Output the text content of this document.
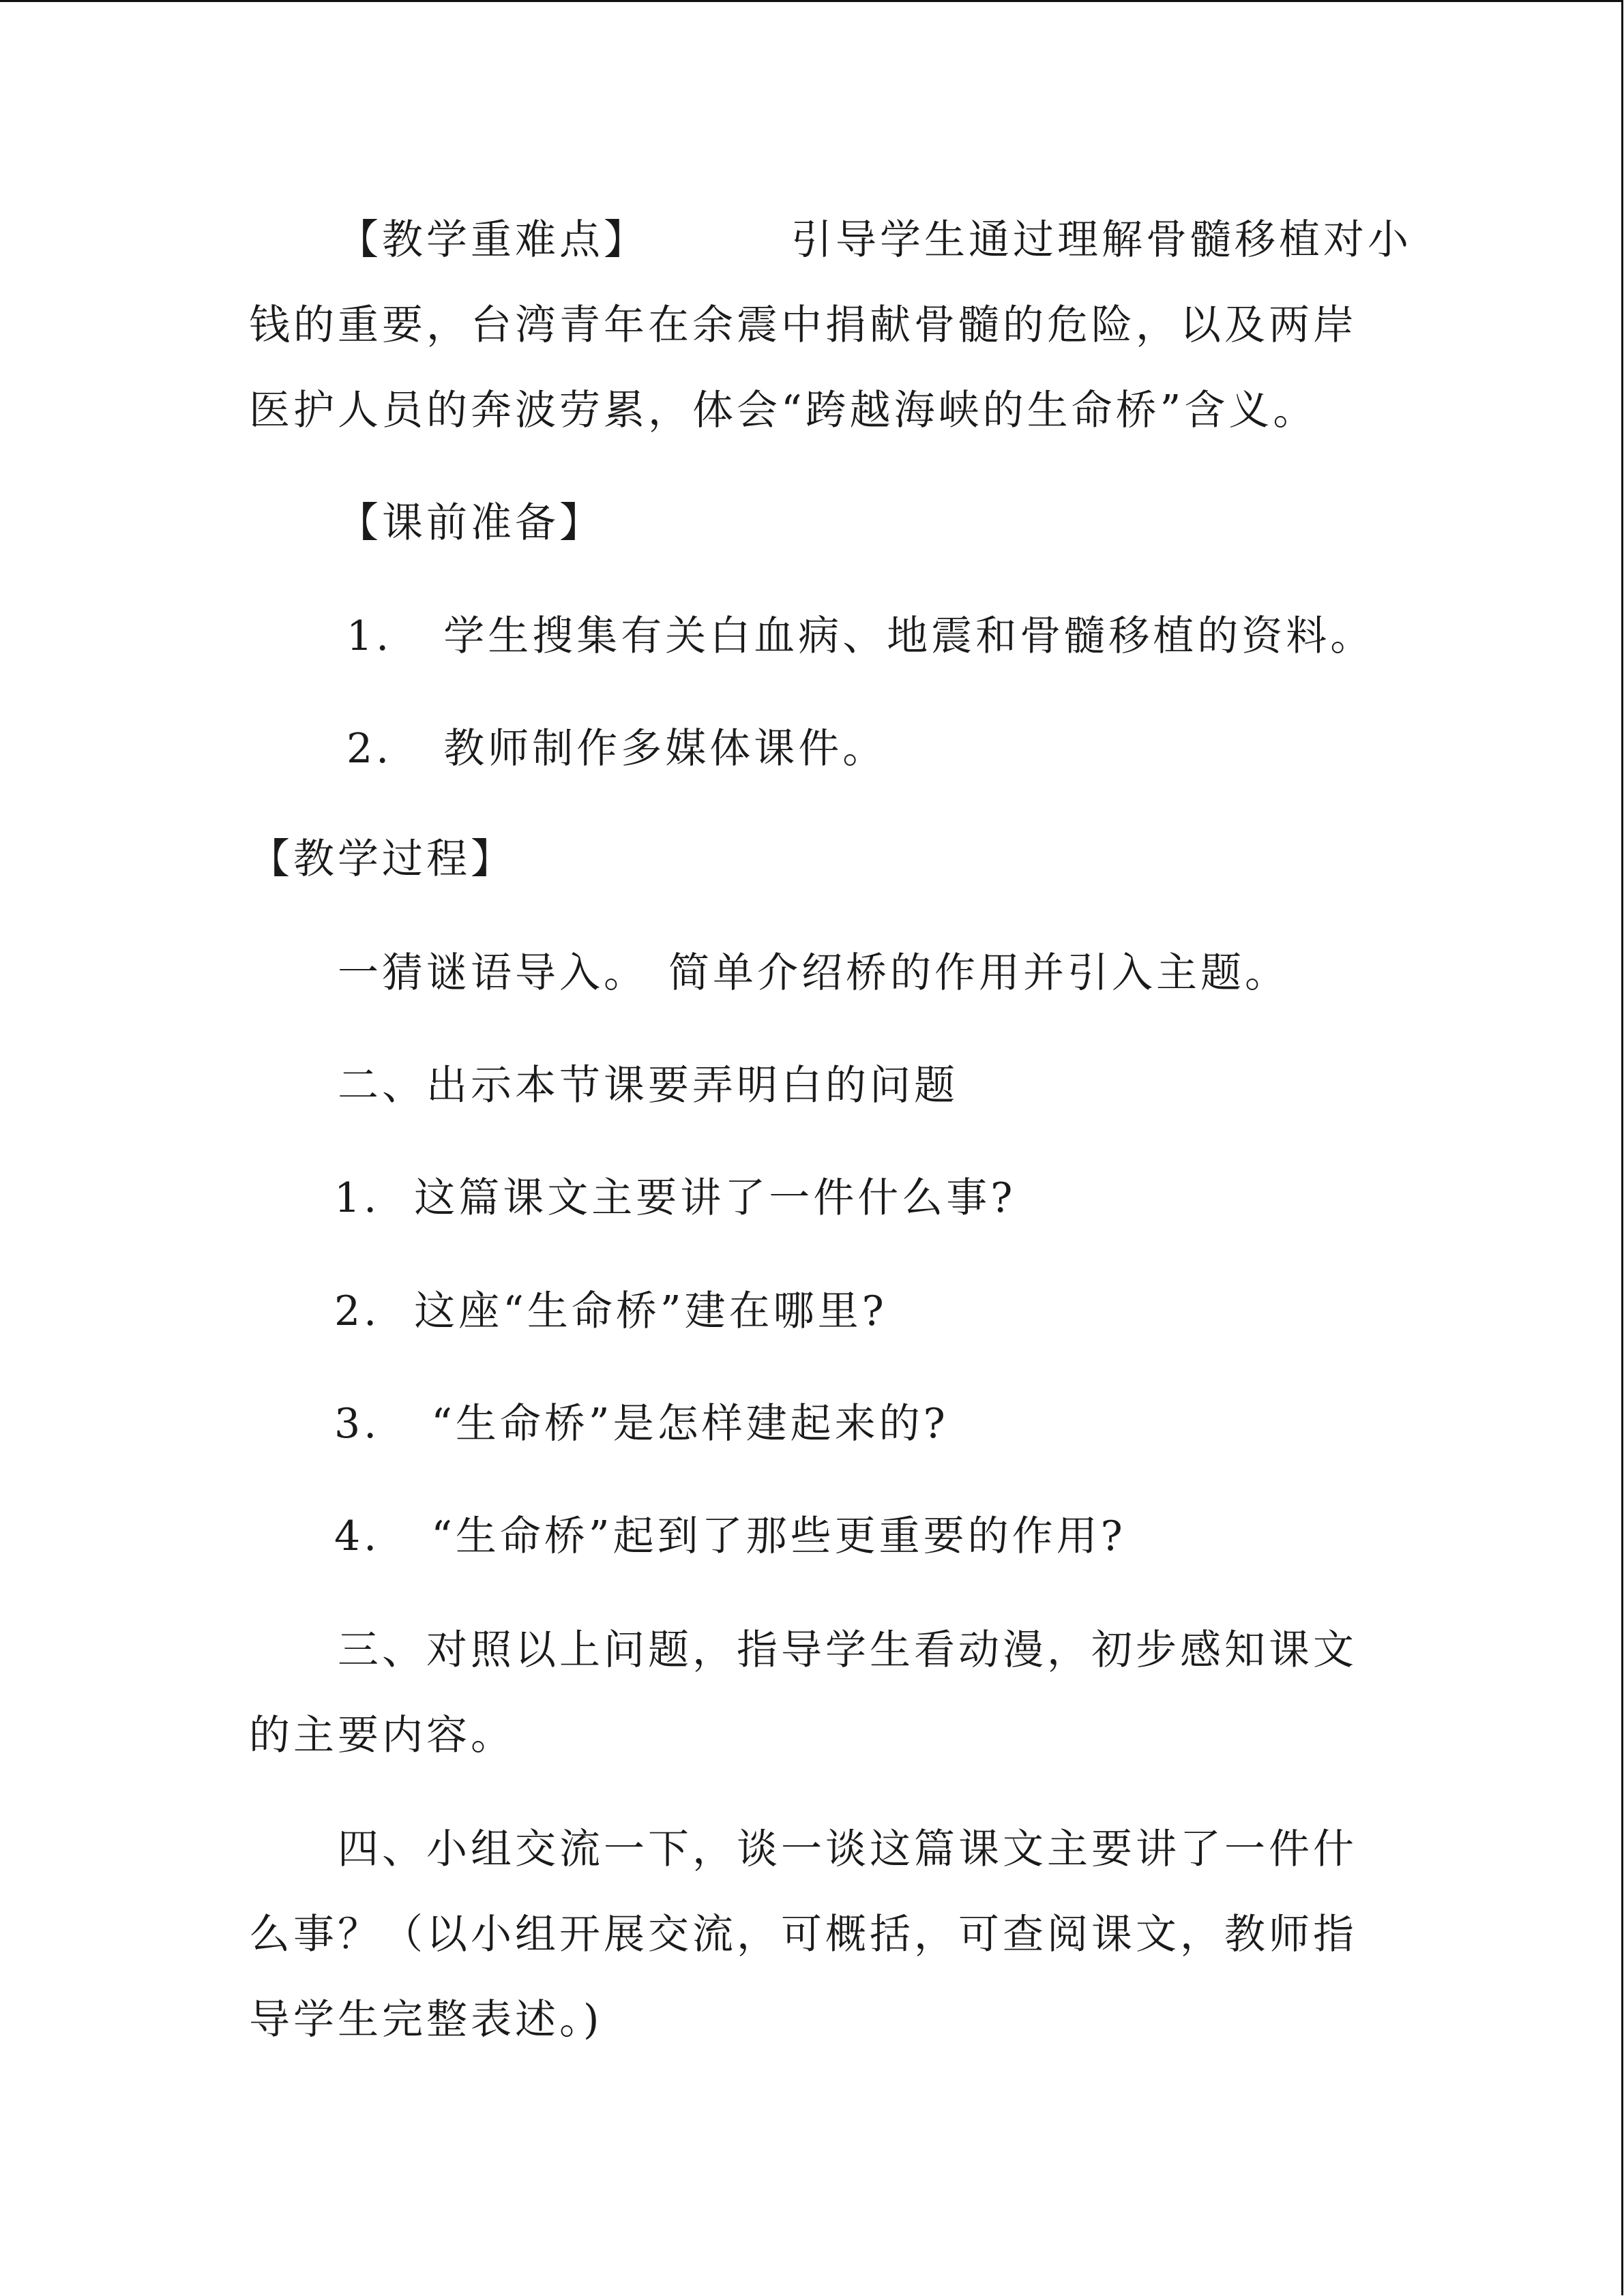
【教学重难点】	引导学生通过理解骨髓移植对小

钱的重要，台湾青年在余震中捐献骨髓的危险，以及两岸

医护人员的奔波劳累，体会“跨越海峡的生命桥”含义。

【课前准备】

1. 学生搜集有关白血病、地震和骨髓移植的资料。

2. 教师制作多媒体课件。

【教学过程】

一猜谜语导入。 简单介绍桥的作用并引入主题。

二、出示本节课要弄明白的问题

1. 这篇课文主要讲了一件什么事?

2. 这座“生命桥”建在哪里?

3. “生命桥”是怎样建起来的?

4. “生命桥”起到了那些更重要的作用?

三、对照以上问题，指导学生看动漫，初步感知课文

的主要内容。

四、小组交流一下，谈一谈这篇课文主要讲了一件什

么事？（以小组开展交流，可概括，可查阅课文，教师指

导学生完整表述。)
